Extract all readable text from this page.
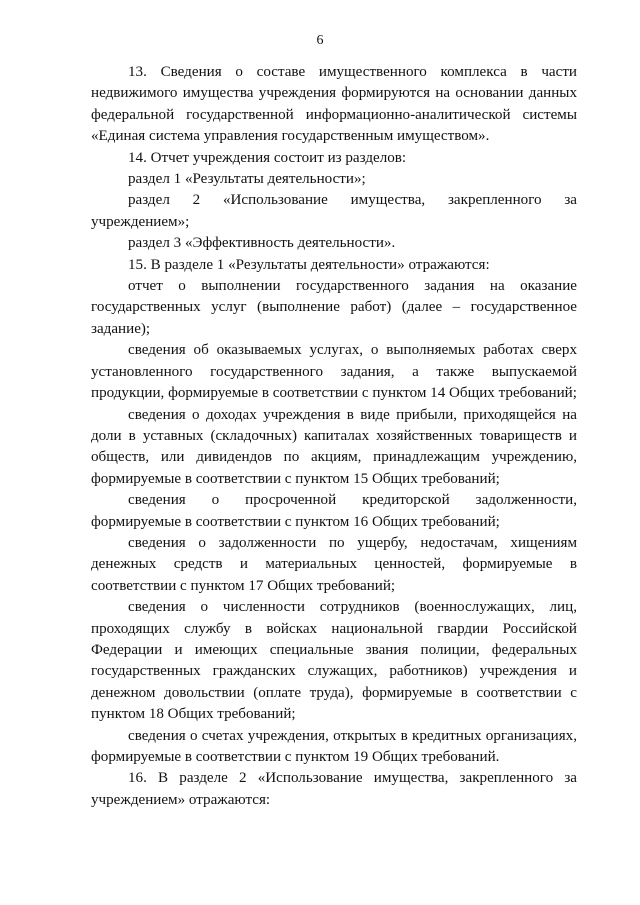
6

13. Сведения о составе имущественного комплекса в части недвижимого имущества учреждения формируются на основании данных федеральной государственной информационно-аналитической системы «Единая система управления государственным имуществом».

14. Отчет учреждения состоит из разделов:

раздел 1 «Результаты деятельности»;

раздел 2 «Использование имущества, закрепленного за учреждением»;

раздел 3 «Эффективность деятельности».

15. В разделе 1 «Результаты деятельности» отражаются:

отчет о выполнении государственного задания на оказание государственных услуг (выполнение работ) (далее – государственное задание);

сведения об оказываемых услугах, о выполняемых работах сверх установленного государственного задания, а также выпускаемой продукции, формируемые в соответствии с пунктом 14 Общих требований;

сведения о доходах учреждения в виде прибыли, приходящейся на доли в уставных (складочных) капиталах хозяйственных товариществ и обществ, или дивидендов по акциям, принадлежащим учреждению, формируемые в соответствии с пунктом 15 Общих требований;

сведения о просроченной кредиторской задолженности, формируемые в соответствии с пунктом 16 Общих требований;

сведения о задолженности по ущербу, недостачам, хищениям денежных средств и материальных ценностей, формируемые в соответствии с пунктом 17 Общих требований;

сведения о численности сотрудников (военнослужащих, лиц, проходящих службу в войсках национальной гвардии Российской Федерации и имеющих специальные звания полиции, федеральных государственных гражданских служащих, работников) учреждения и денежном довольствии (оплате труда), формируемые в соответствии с пунктом 18 Общих требований;

сведения о счетах учреждения, открытых в кредитных организациях, формируемые в соответствии с пунктом 19 Общих требований.

16. В разделе 2 «Использование имущества, закрепленного за учреждением» отражаются:
